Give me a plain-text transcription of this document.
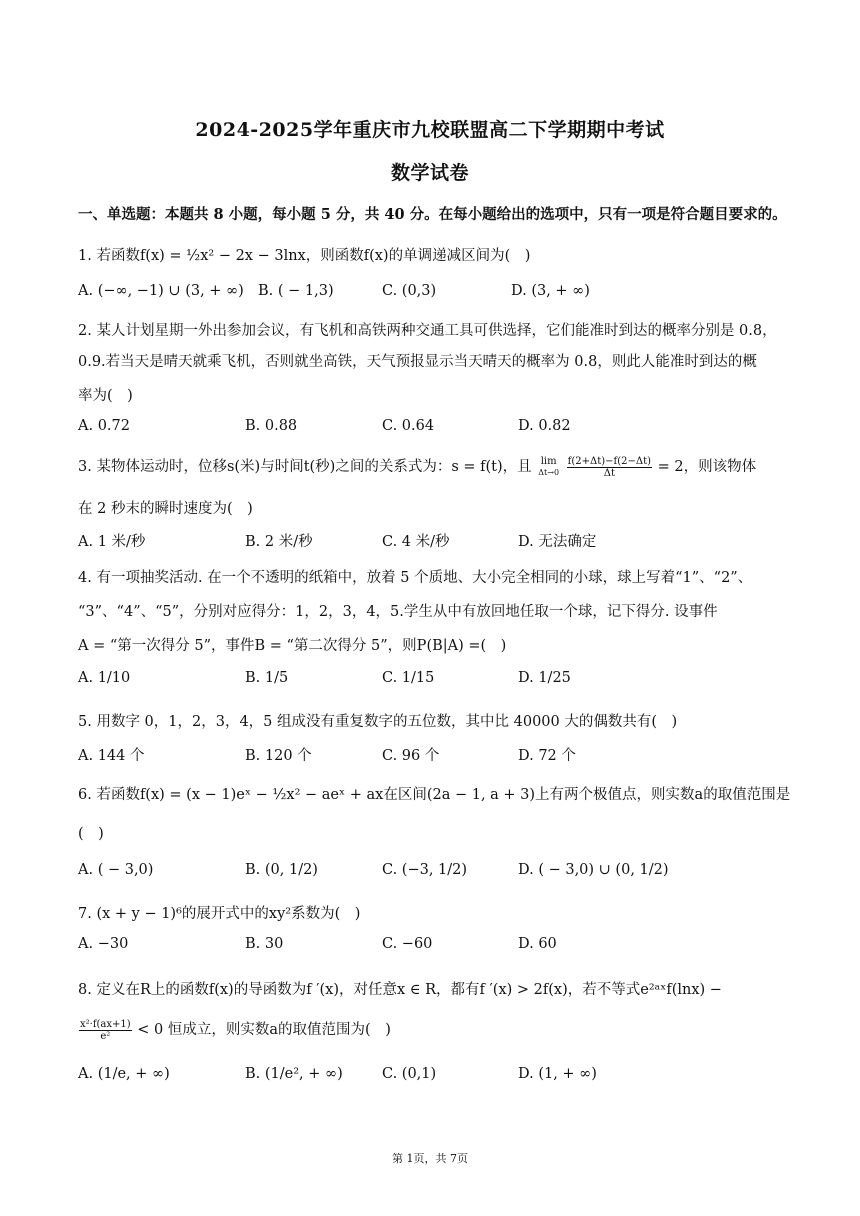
2024-2025学年重庆市九校联盟高二下学期期中考试
数学试卷
一、单选题：本题共 8 小题，每小题 5 分，共 40 分。在每小题给出的选项中，只有一项是符合题目要求的。
1. 若函数f(x) = ½x² − 2x − 3lnx，则函数f(x)的单调递减区间为(　)
A. (−∞, −1) ∪ (3, + ∞) B. ( − 1,3)	C. (0,3)	D. (3, + ∞)
2. 某人计划星期一外出参加会议，有飞机和高铁两种交通工具可供选择，它们能准时到达的概率分别是 0.8，
0.9.若当天是晴天就乘飞机，否则就坐高铁，天气预报显示当天晴天的概率为 0.8，则此人能准时到达的概
率为(　)
A. 0.72	B. 0.88	C. 0.64	D. 0.82
3. 某物体运动时，位移s(米)与时间t(秒)之间的关系式为：s = f(t)，且 lim
Δt→0
$\frac{f(2+\Delta t)-f(2-\Delta t)}{\Delta t} = 2$，则该物体
在 2 秒末的瞬时速度为(　)
A. 1 米/秒	B. 2 米/秒	C. 4 米/秒	D. 无法确定
4. 有一项抽奖活动. 在一个不透明的纸箱中，放着 5 个质地、大小完全相同的小球，球上写着“1”、“2”、
“3”、“4”、“5”，分别对应得分：1，2，3，4，5.学生从中有放回地任取一个球，记下得分. 设事件
A = “第一次得分 5”，事件B = “第二次得分 5”，则P(B|A) =(　)
A. 1/10	B. 1/5	C. 1/15	D. 1/25
5. 用数字 0，1，2，3，4，5 组成没有重复数字的五位数，其中比 40000 大的偶数共有(　)
A. 144 个	B. 120 个	C. 96 个	D. 72 个
6. 若函数f(x) = (x − 1)eˣ − ½x² − aeˣ + ax在区间(2a − 1, a + 3)上有两个极值点，则实数a的取值范围是
(　)
A. ( − 3,0)	B. (0, 1/2)	C. (−3, 1/2)	D. ( − 3,0) ∪ (0, 1/2)
7. (x + y − 1)⁶的展开式中的xy²系数为(　)
A. −30	B. 30	C. −60	D. 60
8. 定义在R上的函数f(x)的导函数为f ′(x)，对任意x ∈ R，都有f ′(x) > 2f(x)，若不等式e²ᵃˣf(lnx) −
$\frac{\text{x²·f(ax+1)}}{\text{e²}} < 0$ 恒成立，则实数a的取值范围为(　)
A. (1/e, + ∞)	B. (1/e², + ∞)	C. (0,1)	D. (1, + ∞)
第 1页，共 7页
